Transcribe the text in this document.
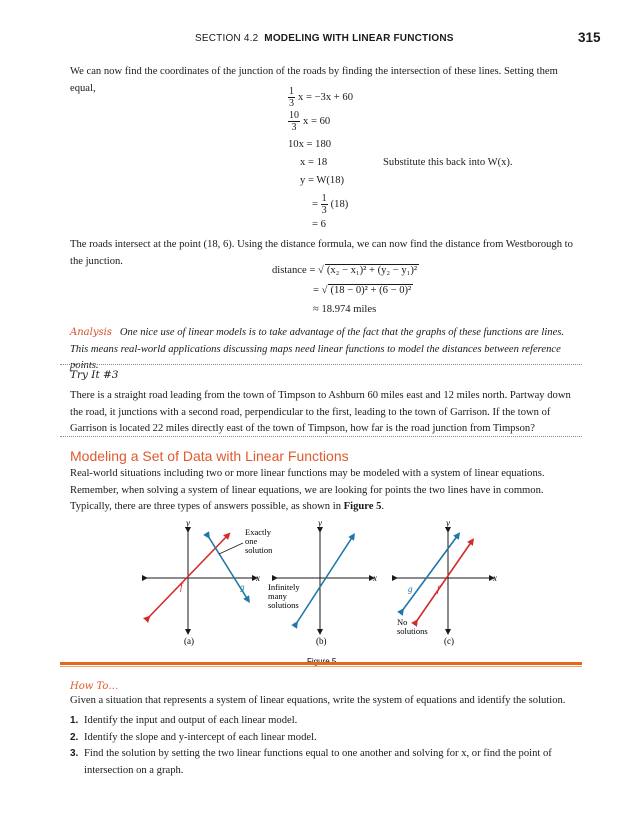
SECTION 4.2 MODELING WITH LINEAR FUNCTIONS	315
We can now find the coordinates of the junction of the roads by finding the intersection of these lines. Setting them equal,	$\frac{1}{3}$ x = −3x + 60
$\frac{10}{3}$ x = 60
10x = 180
x = 18	Substitute this back into W(x).
y = W(18)
= $\frac{1}{3} (18)$
= 6
The roads intersect at the point (18, 6). Using the distance formula, we can now find the distance from Westborough to the junction.
distance = √ (x₂ − x₁)² + (y₂ − y₁)²
= √ (18 − 0)² + (6 − 0)²
≈ 18.974 miles
Analysis One nice use of linear models is to take advantage of the fact that the graphs of these functions are lines. This means real-world applications discussing maps need linear functions to model the distances between reference points.
Try It #3
There is a straight road leading from the town of Timpson to Ashburn 60 miles east and 12 miles north. Partway down the road, it junctions with a second road, perpendicular to the first, leading to the town of Garrison. If the town of Garrison is located 22 miles directly east of the town of Timpson, how far is the road junction from Timpson?
Modeling a Set of Data with Linear Functions
Real-world situations including two or more linear functions may be modeled with a system of linear equations. Remember, when solving a system of linear equations, we are looking for points the two lines have in common. Typically, there are three types of answers possible, as shown in Figure 5.
y
x
f	g
Exactly
one
solution
(a)
y
x
Infinitely
many
solutions
(b)
y
x
g	f
No
solutions
(c)
How To…
Given a situation that represents a system of linear equations, write the system of equations and identify the solution.
1. Identify the input and output of each linear model.
2. Identify the slope and y-intercept of each linear model.
3. Find the solution by setting the two linear functions equal to one another and solving for x, or find the point of intersection on a graph.
